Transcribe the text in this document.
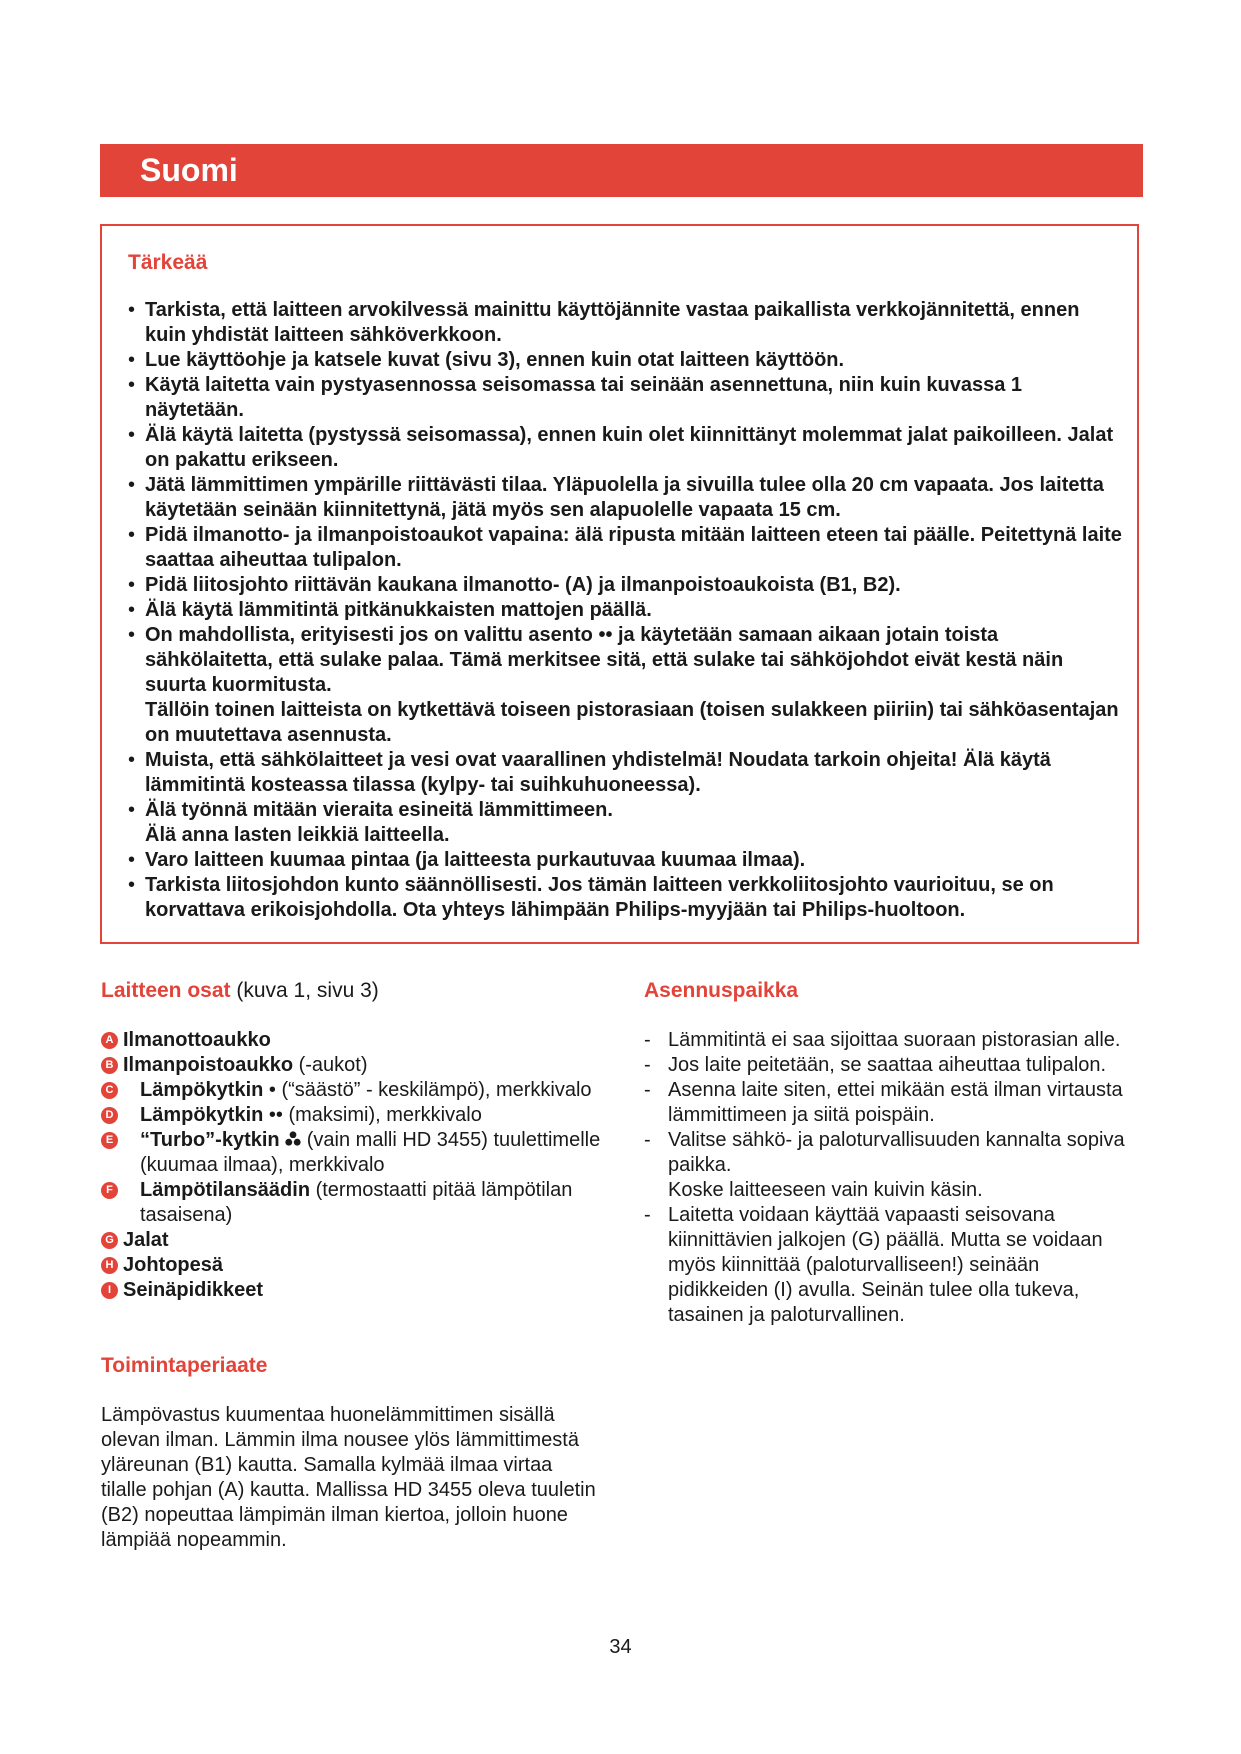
Suomi
Tärkeää
• Tarkista, että laitteen arvokilvessä mainittu käyttöjännite vastaa paikallista verkkojännitettä, ennen kuin yhdistät laitteen sähköverkkoon.
• Lue käyttöohje ja katsele kuvat (sivu 3), ennen kuin otat laitteen käyttöön.
• Käytä laitetta vain pystyasennossa seisomassa tai seinään asennettuna, niin kuin kuvassa 1 näytetään.
• Älä käytä laitetta (pystyssä seisomassa), ennen kuin olet kiinnittänyt molemmat jalat paikoilleen. Jalat on pakattu erikseen.
• Jätä lämmittimen ympärille riittävästi tilaa. Yläpuolella ja sivuilla tulee olla 20 cm vapaata. Jos laitetta käytetään seinään kiinnitettynä, jätä myös sen alapuolelle vapaata 15 cm.
• Pidä ilmanotto- ja ilmanpoistoaukot vapaina: älä ripusta mitään laitteen eteen tai päälle. Peitettynä laite saattaa aiheuttaa tulipalon.
• Pidä liitosjohto riittävän kaukana ilmanotto- (A) ja ilmanpoistoaukoista (B1, B2).
• Älä käytä lämmitintä pitkänukkaisten mattojen päällä.
• On mahdollista, erityisesti jos on valittu asento •• ja käytetään samaan aikaan jotain toista sähkölaitetta, että sulake palaa. Tämä merkitsee sitä, että sulake tai sähköjohdot eivät kestä näin suurta kuormitusta.
Tällöin toinen laitteista on kytkettävä toiseen pistorasiaan (toisen sulakkeen piiriin) tai sähköasentajan on muutettava asennusta.
• Muista, että sähkölaitteet ja vesi ovat vaarallinen yhdistelmä! Noudata tarkoin ohjeita! Älä käytä lämmitintä kosteassa tilassa (kylpy- tai suihkuhuoneessa).
• Älä työnnä mitään vieraita esineitä lämmittimeen.
Älä anna lasten leikkiä laitteella.
• Varo laitteen kuumaa pintaa (ja laitteesta purkautuvaa kuumaa ilmaa).
• Tarkista liitosjohdon kunto säännöllisesti. Jos tämän laitteen verkkoliitosjohto vaurioituu, se on korvattava erikoisjohdolla. Ota yhteys lähimpään Philips-myyjään tai Philips-huoltoon.
Laitteen osat (kuva 1, sivu 3)
A Ilmanottoaukko
B Ilmanpoistoaukko (-aukot)
C Lämpökytkin • (“säästö” - keskilämpö), merkkivalo
D Lämpökytkin •• (maksimi), merkkivalo
E “Turbo”-kytkin  (vain malli HD 3455) tuulettimelle (kuumaa ilmaa), merkkivalo
F Lämpötilansäädin (termostaatti pitää lämpötilan tasaisena)
G Jalat
H Johtopesä
I Seinäpidikkeet
Toimintaperiaate

Lämpövastus kuumentaa huonelämmittimen sisällä olevan ilman. Lämmin ilma nousee ylös lämmittimestä yläreunan (B1) kautta. Samalla kylmää ilmaa virtaa tilalle pohjan (A) kautta. Mallissa HD 3455 oleva tuuletin (B2) nopeuttaa lämpimän ilman kiertoa, jolloin huone lämpiää nopeammin.

Asennuspaikka
- Lämmitintä ei saa sijoittaa suoraan pistorasian alle.
- Jos laite peitetään, se saattaa aiheuttaa tulipalon.
- Asenna laite siten, ettei mikään estä ilman virtausta lämmittimeen ja siitä poispäin.
- Valitse sähkö- ja paloturvallisuuden kannalta sopiva paikka.
Koske laitteeseen vain kuivin käsin.
- Laitetta voidaan käyttää vapaasti seisovana kiinnittävien jalkojen (G) päällä. Mutta se voidaan myös kiinnittää (paloturvalliseen!) seinään pidikkeiden (I) avulla. Seinän tulee olla tukeva, tasainen ja paloturvallinen.
34
